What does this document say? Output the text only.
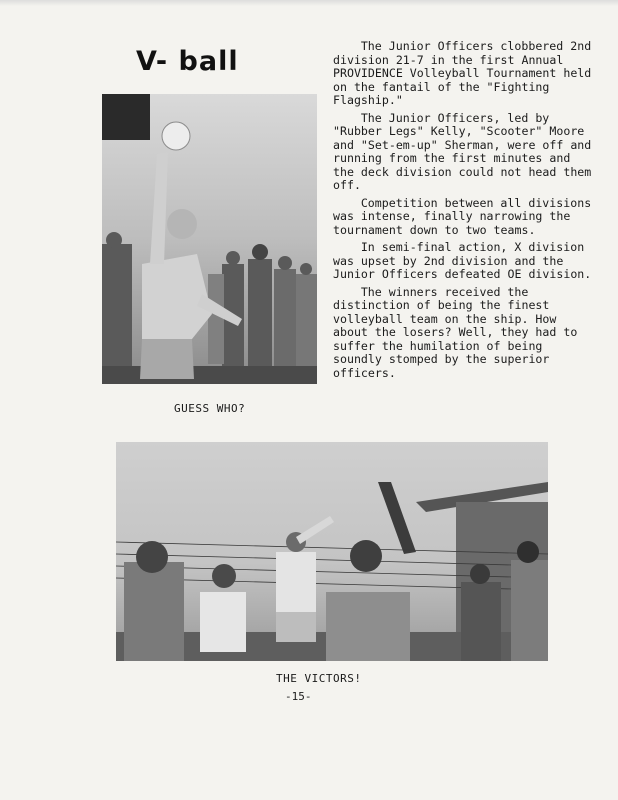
V- ball
GUESS WHO?

The Junior Officers clobbered 2nd division 21-7 in the first Annual PROVIDENCE Volleyball Tournament held on the fantail of the "Fighting Flagship."

The Junior Officers, led by "Rubber Legs" Kelly, "Scooter" Moore and "Set-em-up" Sherman, were off and running from the first minutes and the deck division could not head them off.

Competition between all divisions was intense, finally narrowing the tournament down to two teams.

In semi-final action, X division was upset by 2nd division and the Junior Officers defeated OE division.

The winners received the distinction of being the finest volleyball team on the ship. How about the losers? Well, they had to suffer the humilation of being soundly stomped by the superior officers.

THE VICTORS!
-15-
